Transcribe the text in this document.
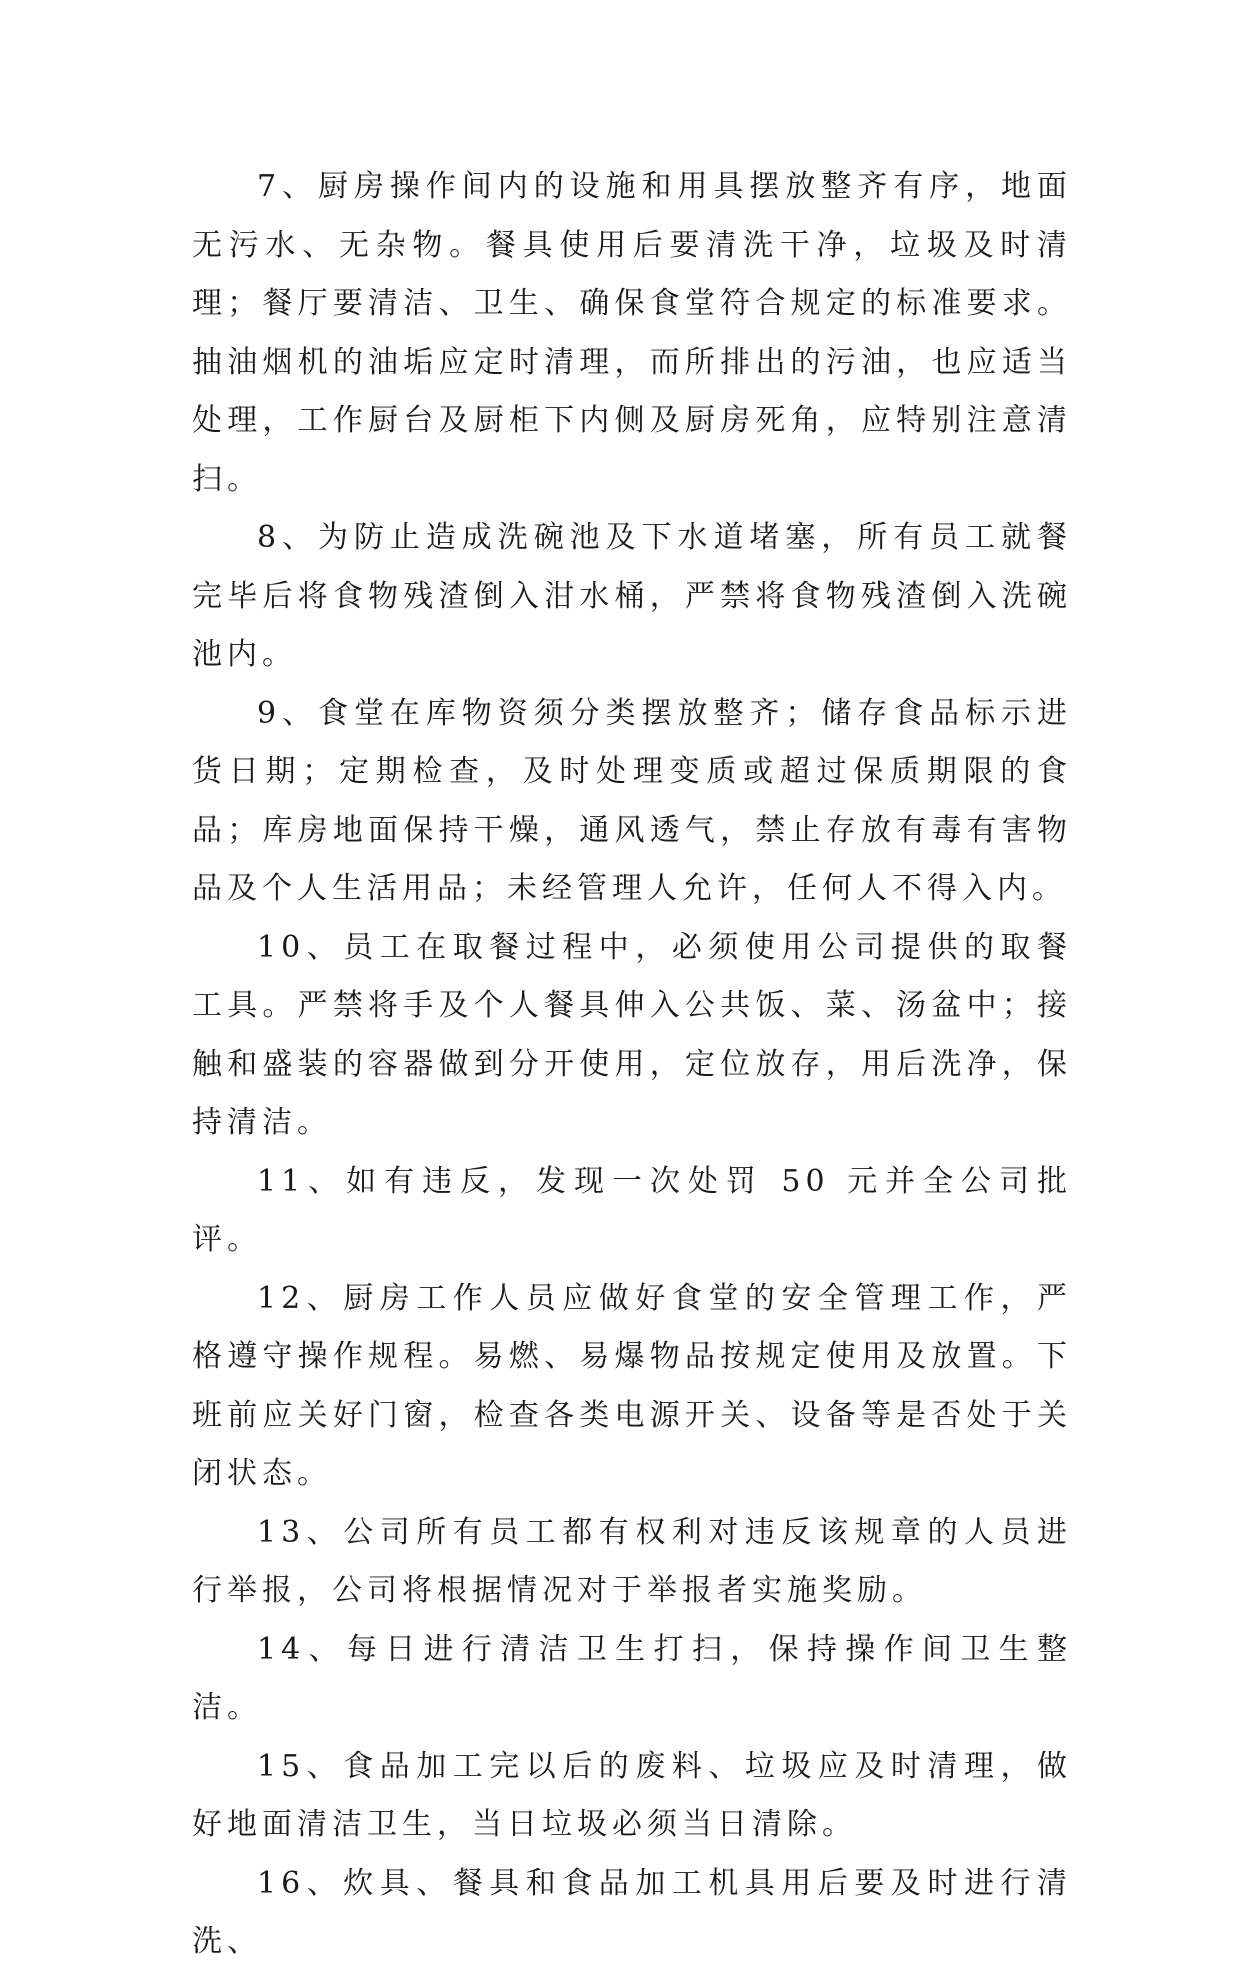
7、厨房操作间内的设施和用具摆放整齐有序，地面无污水、无杂物。餐具使用后要清洗干净，垃圾及时清理；餐厅要清洁、卫生、确保食堂符合规定的标准要求。抽油烟机的油垢应定时清理，而所排出的污油，也应适当处理，工作厨台及厨柜下内侧及厨房死角，应特别注意清扫。

8、为防止造成洗碗池及下水道堵塞，所有员工就餐完毕后将食物残渣倒入泔水桶，严禁将食物残渣倒入洗碗池内。

9、食堂在库物资须分类摆放整齐；储存食品标示进货日期；定期检查，及时处理变质或超过保质期限的食品；库房地面保持干燥，通风透气，禁止存放有毒有害物品及个人生活用品；未经管理人允许，任何人不得入内。

10、员工在取餐过程中，必须使用公司提供的取餐工具。严禁将手及个人餐具伸入公共饭、菜、汤盆中；接触和盛装的容器做到分开使用，定位放存，用后洗净，保持清洁。

11、如有违反，发现一次处罚 50 元并全公司批评。

12、厨房工作人员应做好食堂的安全管理工作，严格遵守操作规程。易燃、易爆物品按规定使用及放置。下班前应关好门窗，检查各类电源开关、设备等是否处于关闭状态。

13、公司所有员工都有权利对违反该规章的人员进行举报，公司将根据情况对于举报者实施奖励。

14、每日进行清洁卫生打扫，保持操作间卫生整洁。

15、食品加工完以后的废料、垃圾应及时清理，做好地面清洁卫生，当日垃圾必须当日清除。

16、炊具、餐具和食品加工机具用后要及时进行清洗、
